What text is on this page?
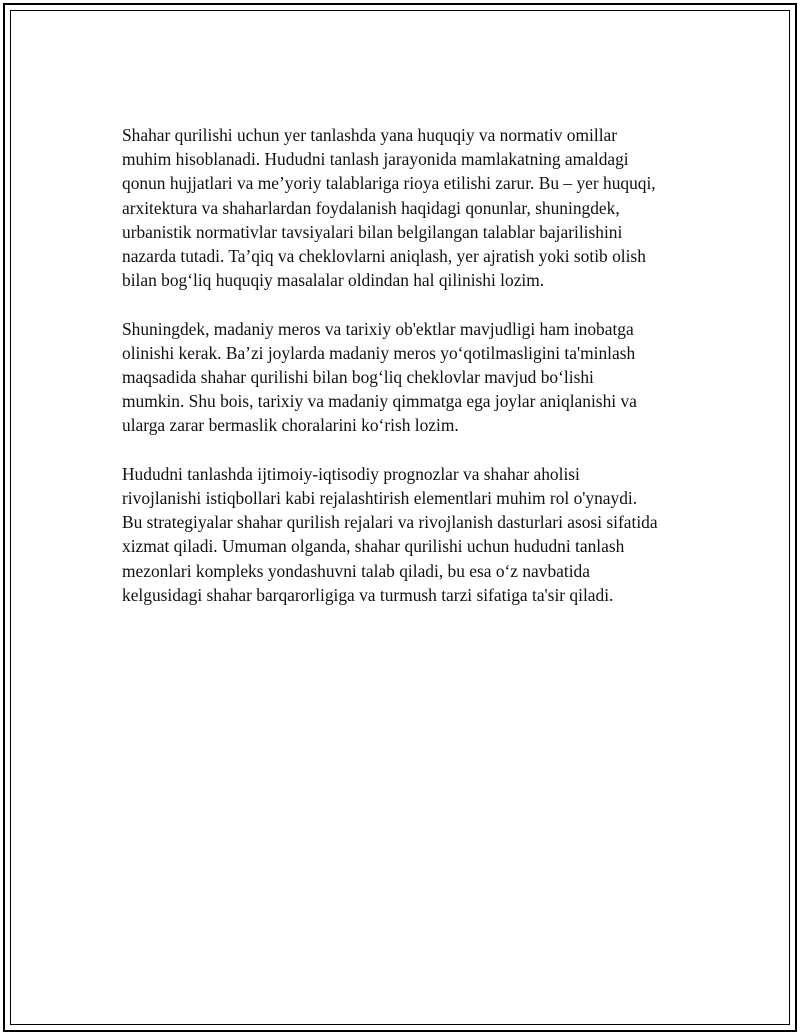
Shahar qurilishi uchun yer tanlashda yana huquqiy va normativ omillar
muhim hisoblanadi. Hududni tanlash jarayonida mamlakatning amaldagi
qonun hujjatlari va me’yoriy talablariga rioya etilishi zarur. Bu – yer huquqi,
arxitektura va shaharlardan foydalanish haqidagi qonunlar, shuningdek,
urbanistik normativlar tavsiyalari bilan belgilangan talablar bajarilishini
nazarda tutadi. Ta’qiq va cheklovlarni aniqlash, yer ajratish yoki sotib olish
bilan bog‘liq huquqiy masalalar oldindan hal qilinishi lozim.

Shuningdek, madaniy meros va tarixiy ob'ektlar mavjudligi ham inobatga
olinishi kerak. Ba’zi joylarda madaniy meros yo‘qotilmasligini ta'minlash
maqsadida shahar qurilishi bilan bog‘liq cheklovlar mavjud bo‘lishi
mumkin. Shu bois, tarixiy va madaniy qimmatga ega joylar aniqlanishi va
ularga zarar bermaslik choralarini ko‘rish lozim.

Hududni tanlashda ijtimoiy-iqtisodiy prognozlar va shahar aholisi
rivojlanishi istiqbollari kabi rejalashtirish elementlari muhim rol o'ynaydi.
Bu strategiyalar shahar qurilish rejalari va rivojlanish dasturlari asosi sifatida
xizmat qiladi. Umuman olganda, shahar qurilishi uchun hududni tanlash
mezonlari kompleks yondashuvni talab qiladi, bu esa o‘z navbatida
kelgusidagi shahar barqarorligiga va turmush tarzi sifatiga ta'sir qiladi.
